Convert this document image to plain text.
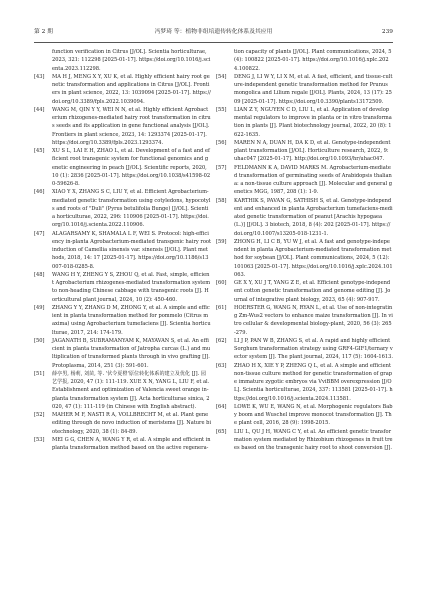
第 2 期	冯梦琦 等：植物非组培遗传转化体系及其应用	239
function verification in Citrus [J/OL]. Scientia horticulturae, 2023, 321: 112298 [2025-01-17]. https://doi.org/10.1016/j.scienta.2023.112298.
[43] MA H J, MENG X Y, XU K, et al. Highly efficient hairy root genetic transformation and applications in Citrus [J/OL]. Frontiers in plant science, 2022, 13: 1039094 [2025-01-17]. https://doi.org/10.3389/fpls.2022.1039094.
[44] WANG M, QIN Y Y, WEI N N, et al. Highly efficient Agrobacterium rhizogenes-mediated hairy root transformation in citrus seeds and its application in gene functional analysis [J/OL]. Frontiers in plant science, 2023, 14: 1293374 [2025-01-17]. https://doi.org/10.3389/fpls.2023.1293374.
[45] XU S L, LAI E H, ZHAO L, et al. Development of a fast and efficient root transgenic system for functional genomics and genetic engineering in peach [J/OL]. Scientific reports, 2020, 10 (1): 2836 [2025-01-17]. https://doi.org/10.1038/s41598-020-59626-8.
[46] XIAO Y X, ZHANG S C, LIU Y, et al. Efficient Agrobacterium-mediated genetic transformation using cotyledons, hypocotyls and roots of "Duli" (Pyrus betulifolia Bunge) [J/OL]. Scientia horticulturae, 2022, 296: 110906 [2025-01-17]. https://doi.org/10.1016/j.scienta.2022.110906.
[47] ALAGARSAMY K, SHAMALA L F, WEI S. Protocol: high-efficiency in-planta Agrobacterium-mediated transgenic hairy root induction of Camellia sinensis var. sinensis [J/OL]. Plant methods, 2018, 14: 17 [2025-01-17]. https://doi.org/10.1186/s13007-018-0285-8.
[48] WANG H Y, ZHENG Y S, ZHOU Q, et al. Fast, simple, efficient Agrobacterium rhizogenes-mediated transformation system to non-heading Chinese cabbage with transgenic roots [J]. Horticultural plant journal, 2024, 10 (2): 450-460.
[49] ZHANG Y Y, ZHANG D M, ZHONG Y, et al. A simple and efficient in planta transformation method for pommelo (Citrus maxima) using Agrobacterium tumefaciens [J]. Scientia horticulturae, 2017, 214: 174-179.
[50] JAGANATH B, SUBRAMANYAM K, MAYAVAN S, et al. An efficient in planta transformation of Jatropha curcas (L.) and multiplication of transformed plants through in vivo grafting [J]. Protoplasma, 2014, 251 (3): 591-601.
[51] 薛亭男, 杨莉, 刘苗, 等. '伏令夏橙'原位转化体系的建立及优化 [J]. 园艺学报, 2020, 47 (1): 111-119. XUE X N, YANG L, LIU F, et al. Establishment and optimization of Valencia sweet orange in-planta transformation system [J]. Acta horticulturae sinica, 2020, 47 (1): 111-119 (in Chinese with English abstract).
[52] MAHER M F, NASTI R A, VOLLBRECHT M, et al. Plant gene editing through de novo induction of meristems [J]. Nature biotechnology, 2020, 38 (1): 84-89.
[53] MEI G G, CHEN A, WANG Y R, et al. A simple and efficient in planta transformation method based on the active regenera-
tion capacity of plants [J/OL]. Plant communications, 2024, 5 (4): 100822 [2025-01-17]. https://doi.org/10.1016/j.xplc.2024.100822.
[54] DENG J, LI W Y, LI X M, et al. A fast, efficient, and tissue-culture-independent genetic transformation method for Prunus mongolica and Lilium regale [J/OL]. Plants, 2024, 13 (17): 2509 [2025-01-17]. https://doi.org/10.3390/plants13172509.
[55] LIAN Z Y, NGUYEN C D, LIU L, et al. Application of developmental regulators to improve in planta or in vitro transformation in plants [J]. Plant biotechnology journal, 2022, 20 (8): 1622-1635.
[56] MAREN N A, DUAN H, DA K D, et al. Genotype-independent plant transformation [J/OL]. Horticulture research, 2022, 9: uhac047 [2025-01-17]. http://doi.org/10.1093/hr/uhac047.
[57] FELDMANN K A, DAVID MARKS M. Agrobacterium-mediated transformation of germinating seeds of Arabidopsis thaliana: a non-tissue culture approach [J]. Molecular and general genetics MGG, 1987, 208 (1): 1-9.
[58] KARTHIK S, PAVAN G, SATHISH S, et al. Genotype-independent and enhanced in planta Agrobacterium tumefaciens-mediated genetic transformation of peanut [Arachis hypogaea (L.)] [J/OL]. 3 biotech, 2018, 8 (4): 202 [2025-01-17]. https://doi.org/10.1007/s13205-018-1231-1.
[59] ZHONG H, LI C B, YU W J, et al. A fast and genotype-independent in planta Agrobacterium-mediated transformation method for soybean [J/OL]. Plant communications, 2024, 5 (12): 101063 [2025-01-17]. https://doi.org/10.1016/j.xplc.2024.101063.
[60] GE X Y, XU J T, YANG Z E, et al. Efficient genotype-independent cotton genetic transformation and genome editing [J]. Journal of integrative plant biology, 2023, 65 (4): 907-917.
[61] HOERSTER G, WANG N, RYAN L, et al. Use of non-integrating Zm-Wus2 vectors to enhance maize transformation [J]. In vitro cellular & developmental biology-plant, 2020, 56 (3): 265-279.
[62] LI J P, PAN W B, ZHANG S, et al. A rapid and highly efficient Sorghum transformation strategy using GRF4-GIF1/ternary vector system [J]. The plant journal, 2024, 117 (5): 1604-1613.
[63] ZHAO H X, XIE Y P, ZHENG Q L, et al. A simple and efficient non-tissue culture method for genetic transformation of grape immature zygotic embryos via VviBBM overexpression [J/OL]. Scientia horticulturae, 2024, 337: 113581 [2025-01-17]. https://doi.org/10.1016/j.scienta.2024.113581.
[64] LOWE K, WU E, WANG N, et al. Morphogenic regulators Baby boom and Wuschel improve monocot transformation [J]. The plant cell, 2016, 28 (9): 1998-2015.
[65] LIU L, QU J H, WANG C Y, et al. An efficient genetic transformation system mediated by Rhizobium rhizogenes in fruit trees based on the transgenic hairy root to shoot conversion [J].
